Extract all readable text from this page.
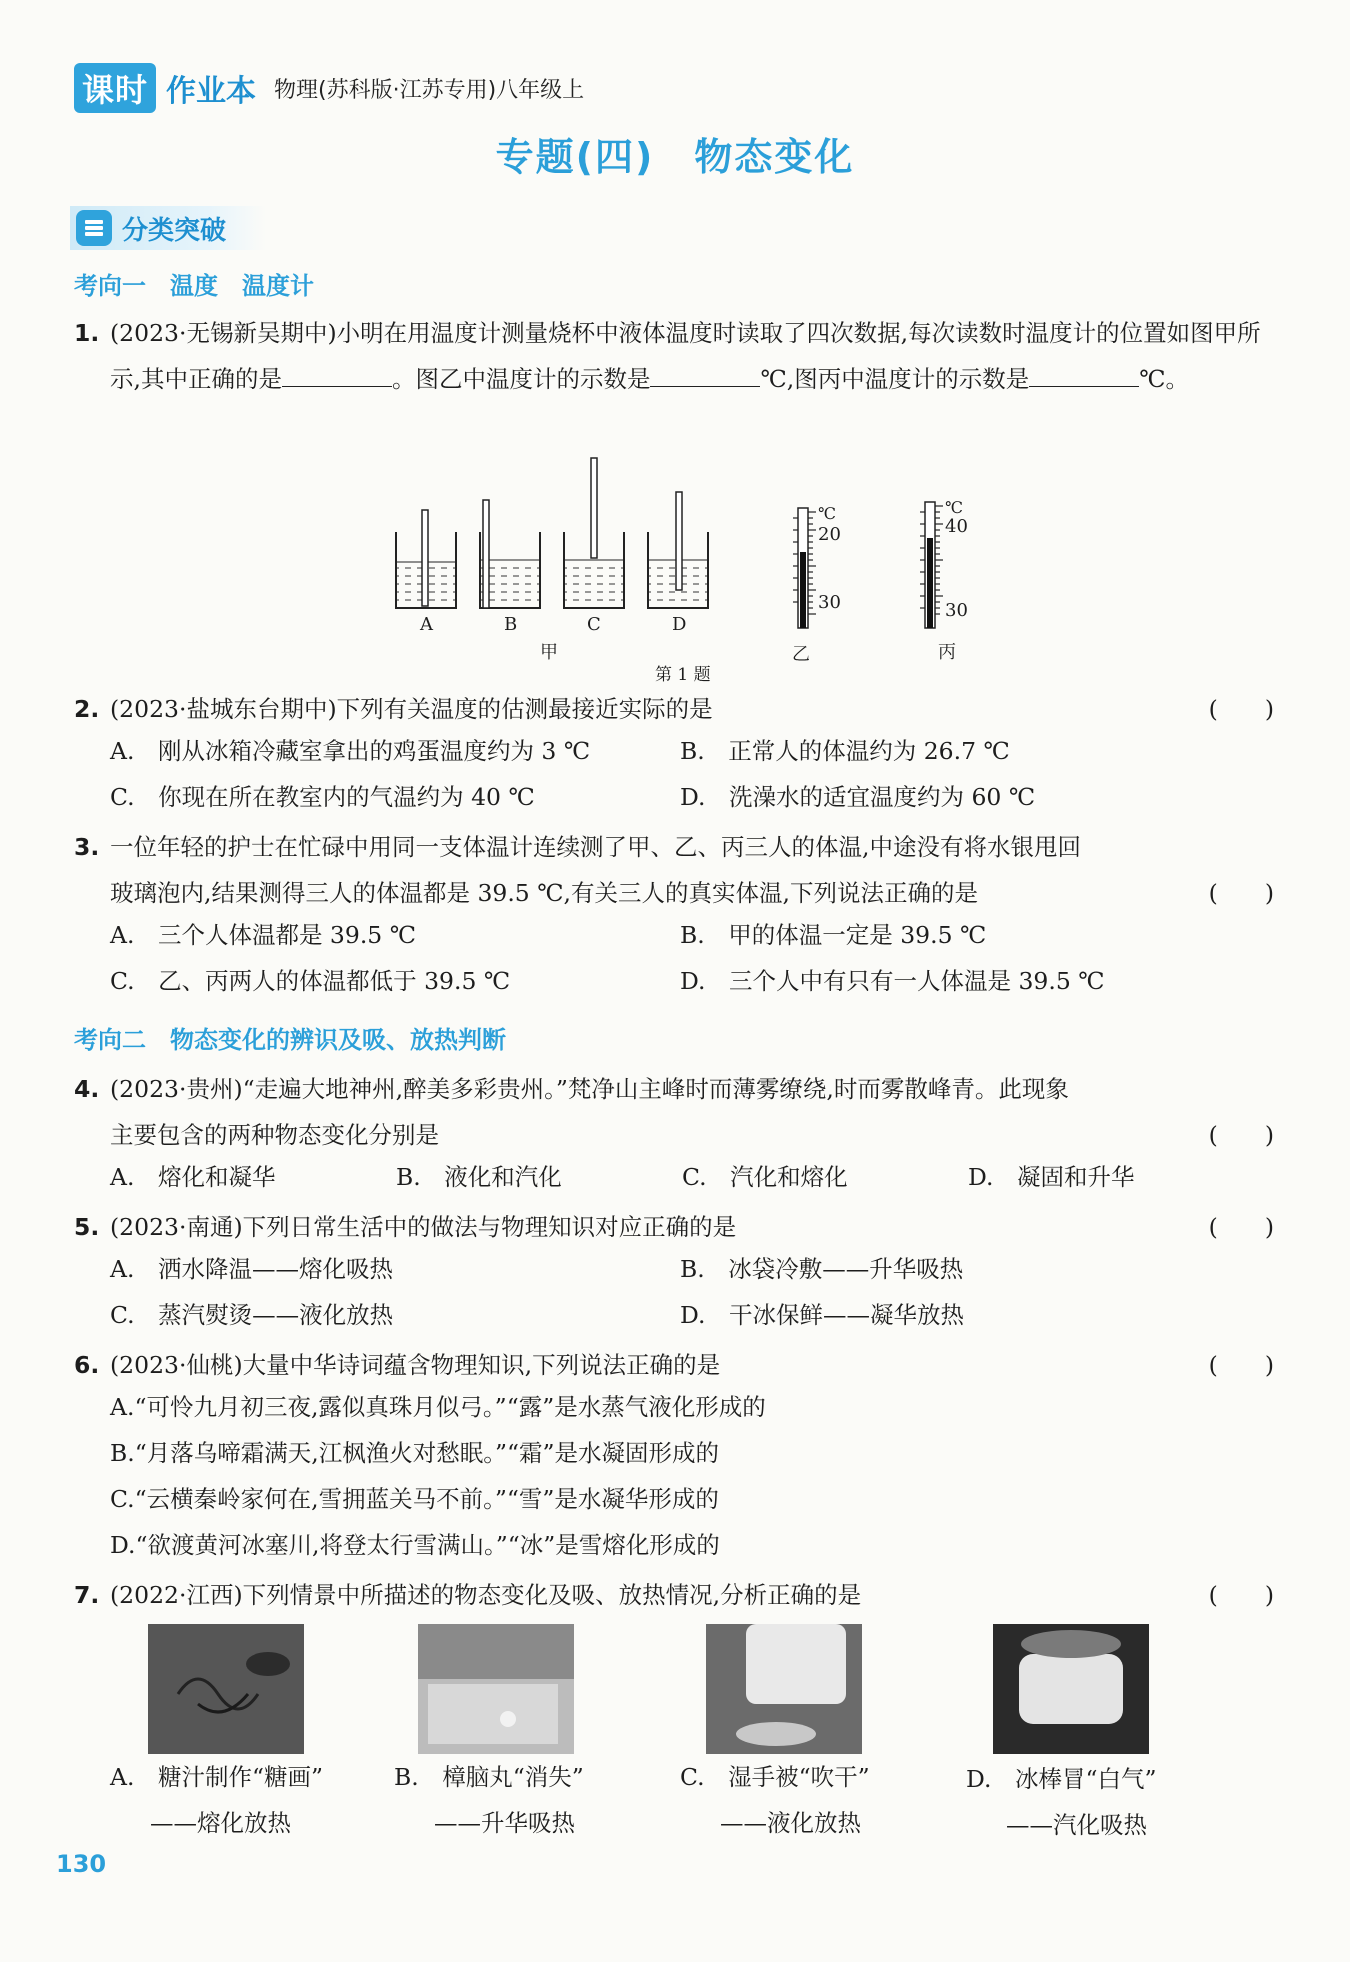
课时 作业本 物理(苏科版·江苏专用)八年级上
专题(四)　物态变化
分类突破
考向一　温度　温度计
1. (2023·无锡新吴期中)小明在用温度计测量烧杯中液体温度时读取了四次数据,每次读数时温度计的位置如图甲所示,其中正确的是	。图乙中温度计的示数是	℃,图丙中温度计的示数是	℃。
A	B	C	D
甲
℃
20
30
乙
℃
40
30
丙
第 1 题
2. (2023·盐城东台期中)下列有关温度的估测最接近实际的是	(　　)
A.　刚从冰箱冷藏室拿出的鸡蛋温度约为 3 ℃	B.　正常人的体温约为 26.7 ℃
C.　你现在所在教室内的气温约为 40 ℃	D.　洗澡水的适宜温度约为 60 ℃
3. 一位年轻的护士在忙碌中用同一支体温计连续测了甲、乙、丙三人的体温,中途没有将水银甩回
玻璃泡内,结果测得三人的体温都是 39.5 ℃,有关三人的真实体温,下列说法正确的是	(　　)
A.　三个人体温都是 39.5 ℃	B.　甲的体温一定是 39.5 ℃
C.　乙、丙两人的体温都低于 39.5 ℃	D.　三个人中有只有一人体温是 39.5 ℃
考向二　物态变化的辨识及吸、放热判断
4. (2023·贵州)“走遍大地神州,醉美多彩贵州。”梵净山主峰时而薄雾缭绕,时而雾散峰青。此现象
主要包含的两种物态变化分别是	(　　)
A.　熔化和凝华	B.　液化和汽化	C.　汽化和熔化	D.　凝固和升华
5. (2023·南通)下列日常生活中的做法与物理知识对应正确的是	(　　)
A.　洒水降温——熔化吸热	B.　冰袋冷敷——升华吸热
C.　蒸汽熨烫——液化放热	D.　干冰保鲜——凝华放热
6. (2023·仙桃)大量中华诗词蕴含物理知识,下列说法正确的是	(　　)
A.“可怜九月初三夜,露似真珠月似弓。”“露”是水蒸气液化形成的
B.“月落乌啼霜满天,江枫渔火对愁眠。”“霜”是水凝固形成的
C.“云横秦岭家何在,雪拥蓝关马不前。”“雪”是水凝华形成的
D.“欲渡黄河冰塞川,将登太行雪满山。”“冰”是雪熔化形成的
7. (2022·江西)下列情景中所描述的物态变化及吸、放热情况,分析正确的是	(　　)
A.　糖汁制作“糖画”
——熔化放热
B.　樟脑丸“消失”
——升华吸热
C.　湿手被“吹干”
——液化放热
D.　冰棒冒“白气”
——汽化吸热
130
